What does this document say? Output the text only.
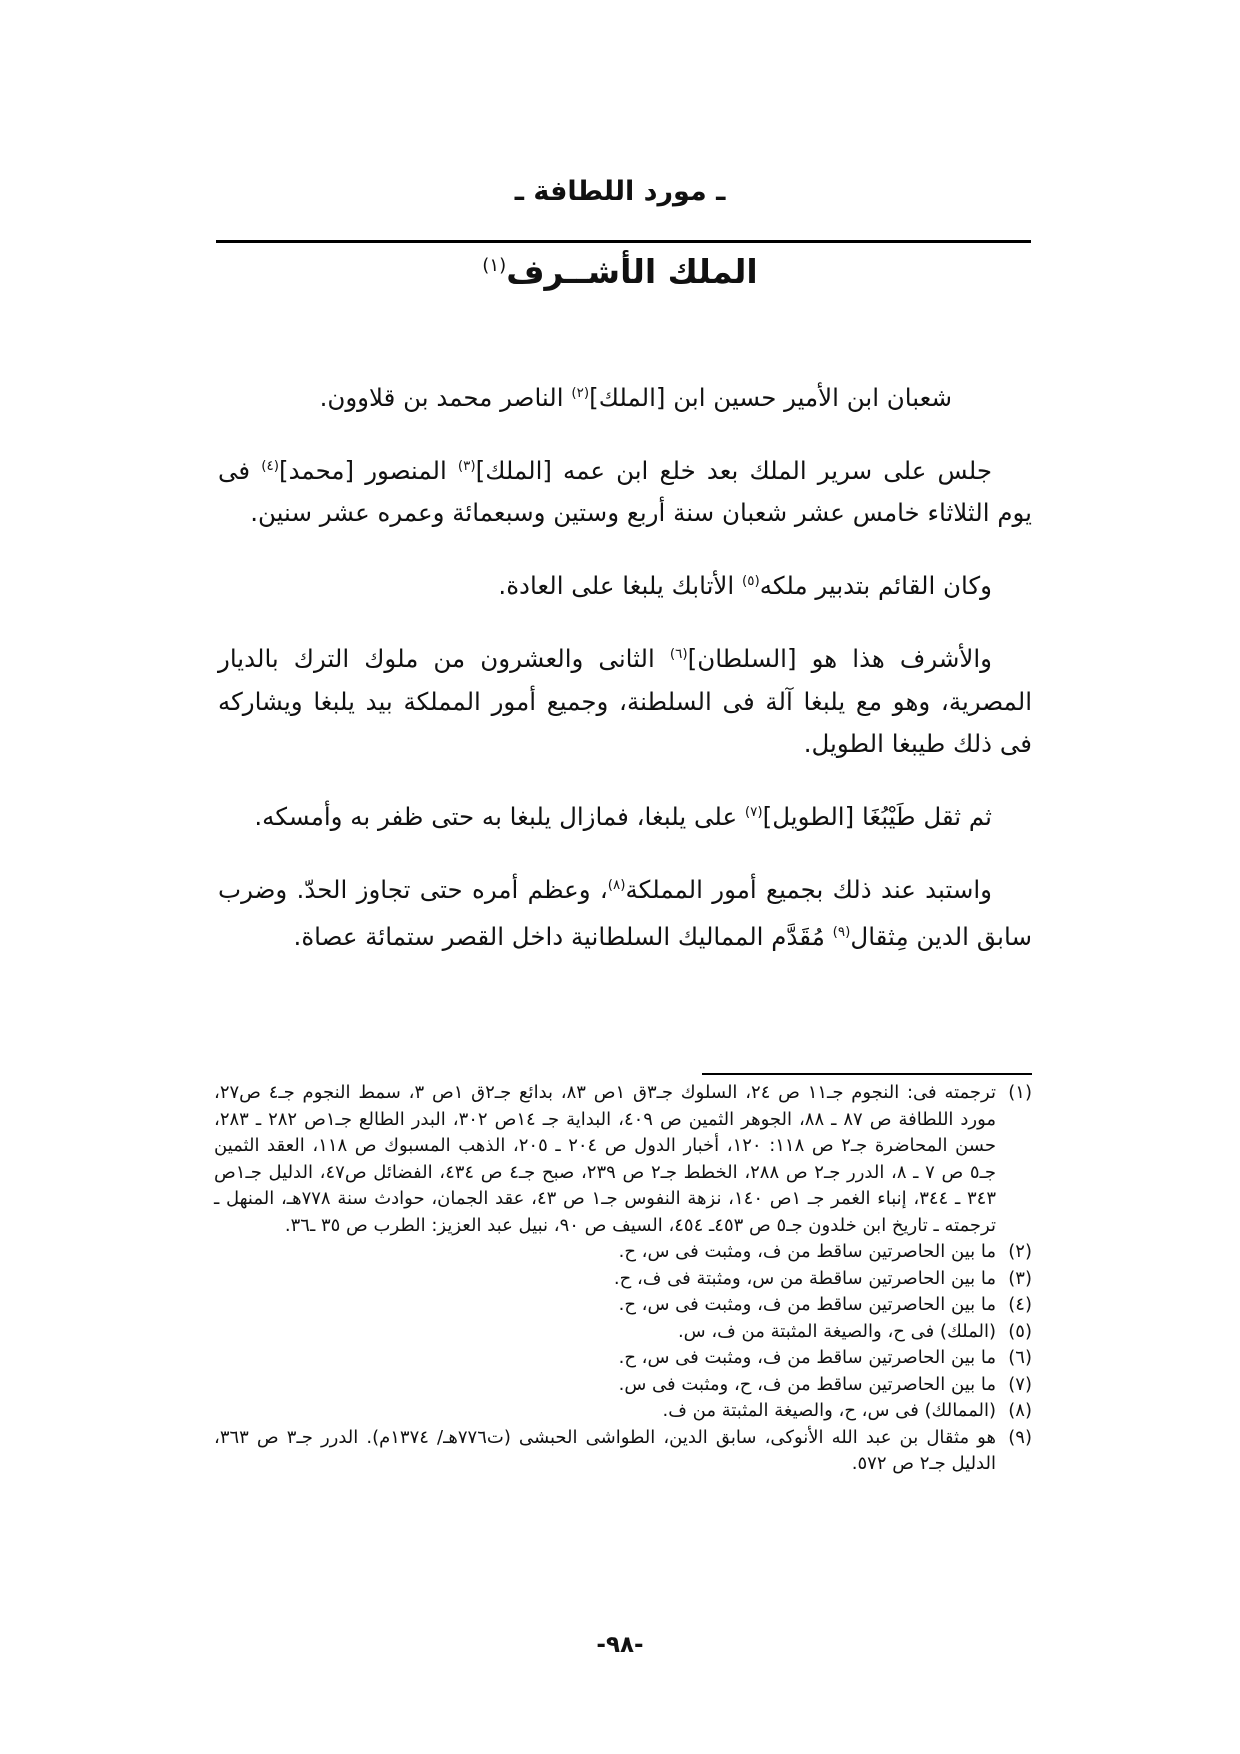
ـ مورد اللطافة ـ
الملك الأشــرف$^{(١)}$

شعبان ابن الأمير حسين ابن [الملك]$^{(٢)}$ الناصر محمد بن قلاوون.

جلس على سرير الملك بعد خلع ابن عمه [الملك]$^{(٣)}$ المنصور [محمد]$^{(٤)}$ فى يوم الثلاثاء خامس عشر شعبان سنة أربع وستين وسبعمائة وعمره عشر سنين.

وكان القائم بتدبير ملكه$^{(٥)}$ الأتابك يلبغا على العادة.

والأشرف هذا هو [السلطان]$^{(٦)}$ الثانى والعشرون من ملوك الترك بالديار المصرية، وهو مع يلبغا آلة فى السلطنة، وجميع أمور المملكة بيد يلبغا ويشاركه فى ذلك طيبغا الطويل.

ثم ثقل طَيْبُغَا [الطويل]$^{(٧)}$ على يلبغا، فمازال يلبغا به حتى ظفر به وأمسكه.

واستبد عند ذلك بجميع أمور المملكة$^{(٨)}$، وعظم أمره حتى تجاوز الحدّ. وضرب سابق الدين مِثقال$^{(٩)}$ مُقَدَّم المماليك السلطانية داخل القصر ستمائة عصاة.

(١)ترجمته فى: النجوم جـ١١ ص ٢٤، السلوك جـ٣ق ١ص ٨٣، بدائع جـ٢ق ١ص ٣، سمط النجوم جـ٤ ص٢٧، مورد اللطافة ص ٨٧ ـ ٨٨، الجوهر الثمين ص ٤٠٩، البداية جـ ١٤ص ٣٠٢، البدر الطالع جـ١ص ٢٨٢ ـ ٢٨٣، حسن المحاضرة جـ٢ ص ١١٨: ١٢٠، أخبار الدول ص ٢٠٤ ـ ٢٠٥، الذهب المسبوك ص ١١٨، العقد الثمين جـ٥ ص ٧ ـ ٨، الدرر جـ٢ ص ٢٨٨، الخطط جـ٢ ص ٢٣٩، صبح جـ٤ ص ٤٣٤، الفضائل ص٤٧، الدليل جـ١ص ٣٤٣ ـ ٣٤٤، إنباء الغمر جـ ١ص ١٤٠، نزهة النفوس جـ١ ص ٤٣، عقد الجمان، حوادث سنة ٧٧٨هـ، المنهل ـ ترجمته ـ تاريخ ابن خلدون جـ٥ ص ٤٥٣ـ ٤٥٤، السيف ص ٩٠، نبيل عبد العزيز: الطرب ص ٣٥ ـ٣٦.

(٢)ما بين الحاصرتين ساقط من ف، ومثبت فى س، ح.

(٣)ما بين الحاصرتين ساقطة من س، ومثبتة فى ف، ح.

(٤)ما بين الحاصرتين ساقط من ف، ومثبت فى س، ح.

(٥)(الملك) فى ح، والصيغة المثبتة من ف، س.

(٦)ما بين الحاصرتين ساقط من ف، ومثبت فى س، ح.

(٧)ما بين الحاصرتين ساقط من ف، ح، ومثبت فى س.

(٨)(الممالك) فى س، ح، والصيغة المثبتة من ف.

(٩)هو مثقال بن عبد الله الأنوكى، سابق الدين، الطواشى الحبشى (ت٧٧٦هـ/ ١٣٧٤م). الدرر جـ٣ ص ٣٦٣، الدليل جـ٢ ص ٥٧٢.

-٩٨-
